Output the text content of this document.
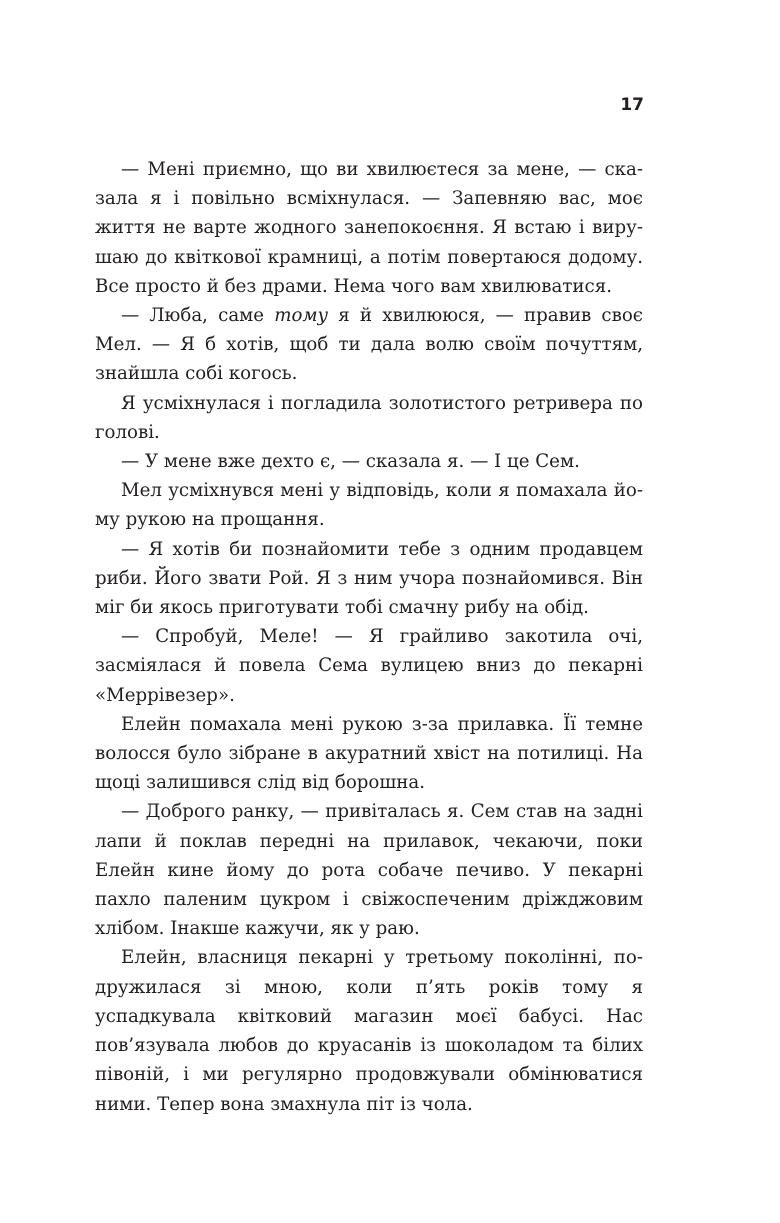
17

— Мені приємно, що ви хвилюєтеся за мене, — сказала я і повільно всміхнулася. — Запевняю вас, моє життя не варте жодного занепокоєння. Я встаю і вирушаю до квіткової крамниці, а потім повертаюся додому. Все просто й без драми. Нема чого вам хвилюватися.

— Люба, саме тому я й хвилююся, — правив своє Мел. — Я б хотів, щоб ти дала волю своїм почуттям, знайшла собі когось.

Я усміхнулася і погладила золотистого ретривера по голові.

— У мене вже дехто є, — сказала я. — І це Сем.

Мел усміхнувся мені у відповідь, коли я помахала йому рукою на прощання.

— Я хотів би познайомити тебе з одним продавцем риби. Його звати Рой. Я з ним учора познайомився. Він міг би якось приготувати тобі смачну рибу на обід.

— Спробуй, Меле! — Я грайливо закотила очі, засміялася й повела Сема вулицею вниз до пекарні «Меррівезер».

Елейн помахала мені рукою з-за прилавка. Її темне волосся було зібране в акуратний хвіст на потилиці. На щоці залишився слід від борошна.

— Доброго ранку, — привіталась я. Сем став на задні лапи й поклав передні на прилавок, чекаючи, поки Елейн кине йому до рота собаче печиво. У пекарні пахло паленим цукром і свіжоспеченим дріжджовим хлібом. Інакше кажучи, як у раю.

Елейн, власниця пекарні у третьому поколінні, подружилася зі мною, коли п’ять років тому я успадкувала квітковий магазин моєї бабусі. Нас пов’язувала любов до круасанів із шоколадом та білих півоній, і ми регулярно продовжували обмінюватися ними. Тепер вона змахнула піт із чола.
